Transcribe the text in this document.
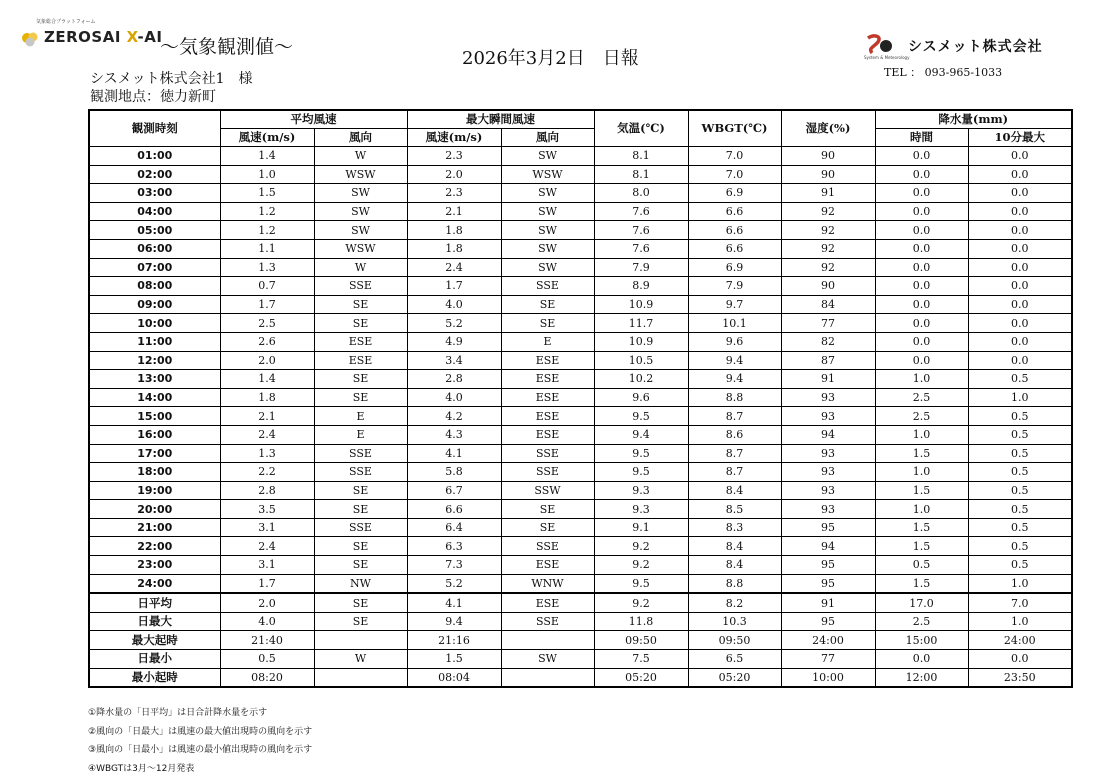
気象総合プラットフォーム
ZEROSAI X-AI
～気象観測値～
2026年3月2日　日報
シスメット株式会社1　様
観測地点：徳力新町
シスメット株式会社
System & Meteorology
TEL ： 093-965-1033
観測時刻	平均風速		最大瞬間風速		気温(℃)	WBGT(℃)	湿度(%)	降水量(mm)	
	風速(m/s)	風向	風速(m/s)	風向				時間	10分最大
01:00	1.4	W	2.3	SW	8.1	7.0	90	0.0	0.0
02:00	1.0	WSW	2.0	WSW	8.1	7.0	90	0.0	0.0
03:00	1.5	SW	2.3	SW	8.0	6.9	91	0.0	0.0
04:00	1.2	SW	2.1	SW	7.6	6.6	92	0.0	0.0
05:00	1.2	SW	1.8	SW	7.6	6.6	92	0.0	0.0
06:00	1.1	WSW	1.8	SW	7.6	6.6	92	0.0	0.0
07:00	1.3	W	2.4	SW	7.9	6.9	92	0.0	0.0
08:00	0.7	SSE	1.7	SSE	8.9	7.9	90	0.0	0.0
09:00	1.7	SE	4.0	SE	10.9	9.7	84	0.0	0.0
10:00	2.5	SE	5.2	SE	11.7	10.1	77	0.0	0.0
11:00	2.6	ESE	4.9	E	10.9	9.6	82	0.0	0.0
12:00	2.0	ESE	3.4	ESE	10.5	9.4	87	0.0	0.0
13:00	1.4	SE	2.8	ESE	10.2	9.4	91	1.0	0.5
14:00	1.8	SE	4.0	ESE	9.6	8.8	93	2.5	1.0
15:00	2.1	E	4.2	ESE	9.5	8.7	93	2.5	0.5
16:00	2.4	E	4.3	ESE	9.4	8.6	94	1.0	0.5
17:00	1.3	SSE	4.1	SSE	9.5	8.7	93	1.5	0.5
18:00	2.2	SSE	5.8	SSE	9.5	8.7	93	1.0	0.5
19:00	2.8	SE	6.7	SSW	9.3	8.4	93	1.5	0.5
20:00	3.5	SE	6.6	SE	9.3	8.5	93	1.0	0.5
21:00	3.1	SSE	6.4	SE	9.1	8.3	95	1.5	0.5
22:00	2.4	SE	6.3	SSE	9.2	8.4	94	1.5	0.5
23:00	3.1	SE	7.3	ESE	9.2	8.4	95	0.5	0.5
24:00	1.7	NW	5.2	WNW	9.5	8.8	95	1.5	1.0
日平均	2.0	SE	4.1	ESE	9.2	8.2	91	17.0	7.0
日最大	4.0	SE	9.4	SSE	11.8	10.3	95	2.5	1.0
最大起時	21:40		21:16		09:50	09:50	24:00	15:00	24:00
日最小	0.5	W	1.5	SW	7.5	6.5	77	0.0	0.0
最小起時	08:20		08:04		05:20	05:20	10:00	12:00	23:50
①降水量の「日平均」は日合計降水量を示す
②風向の「日最大」は風速の最大値出現時の風向を示す
③風向の「日最小」は風速の最小値出現時の風向を示す
④WBGTは3月～12月発表
